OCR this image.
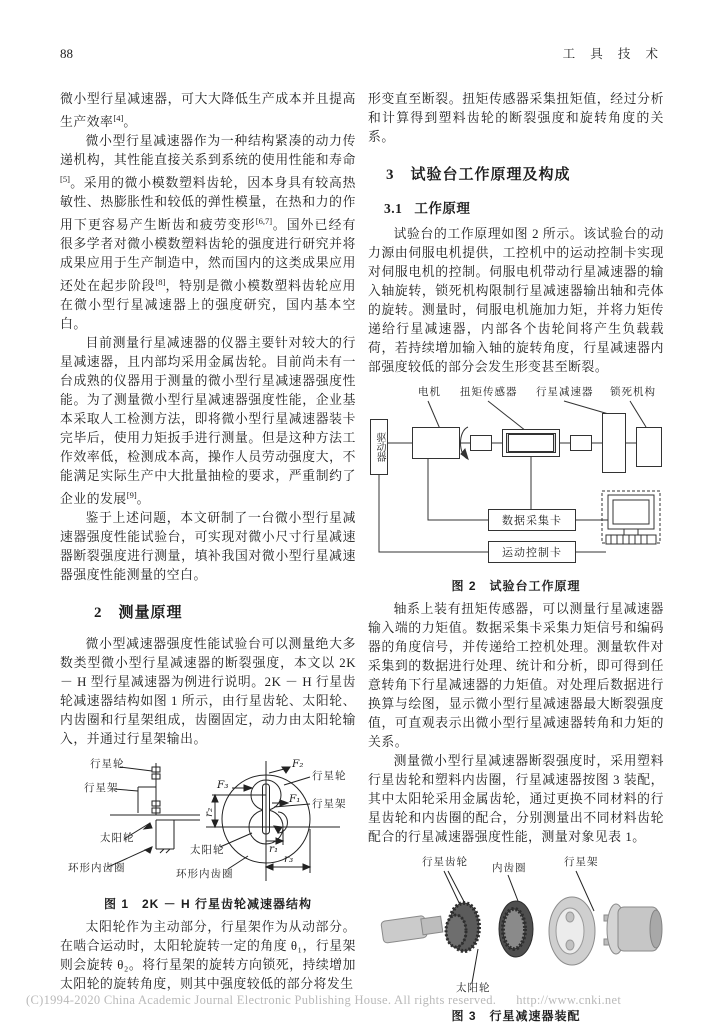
88	工 具 技 术

微小型行星减速器，可大大降低生产成本并且提高生产效率[4]。

微小型行星减速器作为一种结构紧凑的动力传递机构，其性能直接关系到系统的使用性能和寿命[5]。采用的微小模数塑料齿轮，因本身具有较高热敏性、热膨胀性和较低的弹性模量，在热和力的作用下更容易产生断齿和疲劳变形[6,7]。国外已经有很多学者对微小模数塑料齿轮的强度进行研究并将成果应用于生产制造中，然而国内的这类成果应用还处在起步阶段[8]，特别是微小模数塑料齿轮应用在微小型行星减速器上的强度研究，国内基本空白。

目前测量行星减速器的仪器主要针对较大的行星减速器，且内部均采用金属齿轮。目前尚未有一台成熟的仪器用于测量的微小型行星减速器强度性能。为了测量微小型行星减速器强度性能，企业基本采取人工检测方法，即将微小型行星减速器装卡完毕后，使用力矩扳手进行测量。但是这种方法工作效率低，检测成本高，操作人员劳动强度大，不能满足实际生产中大批量抽检的要求，严重制约了企业的发展[9]。

鉴于上述问题，本文研制了一台微小型行星减速器强度性能试验台，可实现对微小尺寸行星减速器断裂强度进行测量，填补我国对微小型行星减速器强度性能测量的空白。

2 测量原理

微小型减速器强度性能试验台可以测量绝大多数类型微小型行星减速器的断裂强度，本文以 2K － H 型行星减速器为例进行说明。2K － H 行星齿轮减速器结构如图 1 所示，由行星齿轮、太阳轮、内齿圈和行星架组成，齿圈固定，动力由太阳轮输入，并通过行星架输出。

行星轮
行星架
太阳轮
环形内齿圈
F₂
F₃
F₁
r₂
r₁
r₃
行星轮
行星架
太阳轮
环形内齿圈
图 1　2K － H 行星齿轮减速器结构

太阳轮作为主动部分，行星架作为从动部分。在啮合运动时，太阳轮旋转一定的角度 θ₁，行星架则会旋转 θ₂。将行星架的旋转方向锁死，持续增加太阳轮的旋转角度，则其中强度较低的部分将发生

形变直至断裂。扭矩传感器采集扭矩值，经过分析和计算得到塑料齿轮的断裂强度和旋转角度的关系。

3 试验台工作原理及构成
3.1 工作原理

试验台的工作原理如图 2 所示。该试验台的动力源由伺服电机提供，工控机中的运动控制卡实现对伺服电机的控制。伺服电机带动行星减速器的输入轴旋转，锁死机构限制行星减速器输出轴和壳体的旋转。测量时，伺服电机施加力矩，并将力矩传递给行星减速器，内部各个齿轮间将产生负载载荷，若持续增加输入轴的旋转角度，行星减速器内部强度较低的部分会发生形变甚至断裂。

电机 扭矩传感器 行星减速器 锁死机构
驱动器
数据采集卡
运动控制卡
图 2　试验台工作原理

轴系上装有扭矩传感器，可以测量行星减速器输入端的力矩值。数据采集卡采集力矩信号和编码器的角度信号，并传递给工控机处理。测量软件对采集到的数据进行处理、统计和分析，即可得到任意转角下行星减速器的力矩值。对处理后数据进行换算与绘图，显示微小型行星减速器最大断裂强度值，可直观表示出微小型行星减速器转角和力矩的关系。

测量微小型行星减速器断裂强度时，采用塑料行星齿轮和塑料内齿圈，行星减速器按图 3 装配，其中太阳轮采用金属齿轮，通过更换不同材料的行星齿轮和内齿圈的配合，分别测量出不同材料齿轮配合的行星减速器强度性能，测量对象见表 1。

行星齿轮
内齿圈
行星架
太阳轮
图 3　行星减速器装配
(C)1994-2020 China Academic Journal Electronic Publishing House. All rights reserved. http://www.cnki.net
